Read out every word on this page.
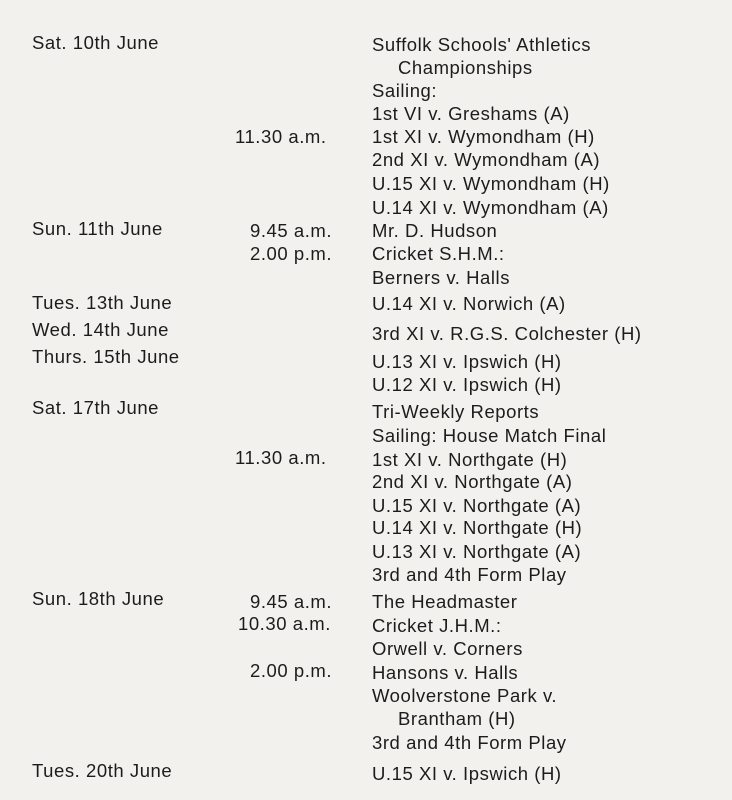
Sat. 10th June	Suffolk Schools' Athletics
Championships
Sailing:
1st VI v. Greshams (A)
11.30 a.m. 1st XI v. Wymondham (H)
2nd XI v. Wymondham (A)
U.15 XI v. Wymondham (H)
U.14 XI v. Wymondham (A)
Sun. 11th June	9.45 a.m. Mr. D. Hudson
2.00 p.m. Cricket S.H.M.:
Berners v. Halls
Tues. 13th June	U.14 XI v. Norwich (A)
Wed. 14th June	3rd XI v. R.G.S. Colchester (H)
Thurs. 15th June	U.13 XI v. Ipswich (H)
U.12 XI v. Ipswich (H)
Sat. 17th June	Tri-Weekly Reports
Sailing: House Match Final
11.30 a.m. 1st XI v. Northgate (H)
2nd XI v. Northgate (A)
U.15 XI v. Northgate (A)
U.14 XI v. Northgate (H)
U.13 XI v. Northgate (A)
3rd and 4th Form Play
Sun. 18th June	9.45 a.m. The Headmaster
10.30 a.m. Cricket J.H.M.:
Orwell v. Corners
2.00 p.m. Hansons v. Halls
Woolverstone Park v.
Brantham (H)
3rd and 4th Form Play
Tues. 20th June	U.15 XI v. Ipswich (H)
